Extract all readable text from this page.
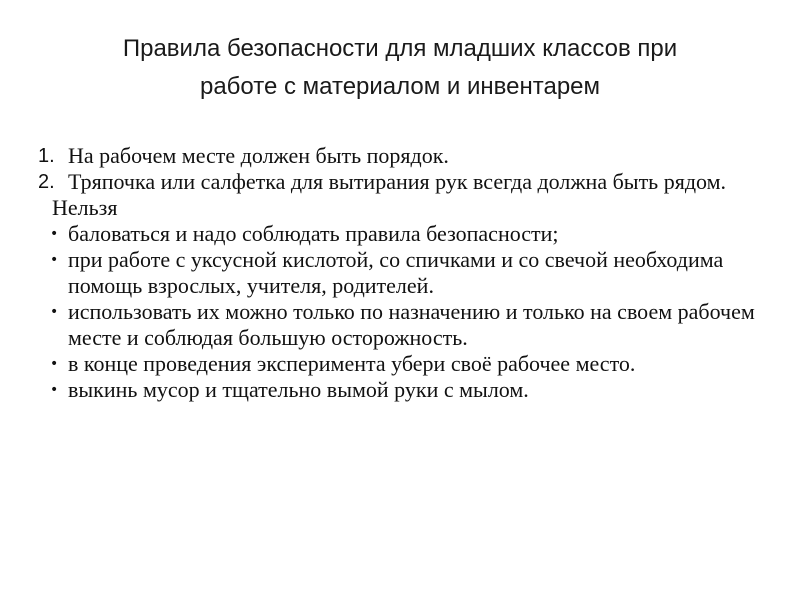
Правила безопасности для младших классов при
работе с материалом и инвентарем
1. На рабочем месте должен быть порядок.
2. Тряпочка или салфетка для вытирания рук всегда должна быть рядом.
Нельзя
• баловаться и надо соблюдать правила безопасности;
• при работе с уксусной кислотой, со спичками и со свечой необходима помощь взрослых, учителя, родителей.
• использовать их можно только по назначению и только на своем рабочем месте и соблюдая большую осторожность.
• в конце проведения эксперимента убери своё рабочее место.
• выкинь мусор и тщательно вымой руки с мылом.
